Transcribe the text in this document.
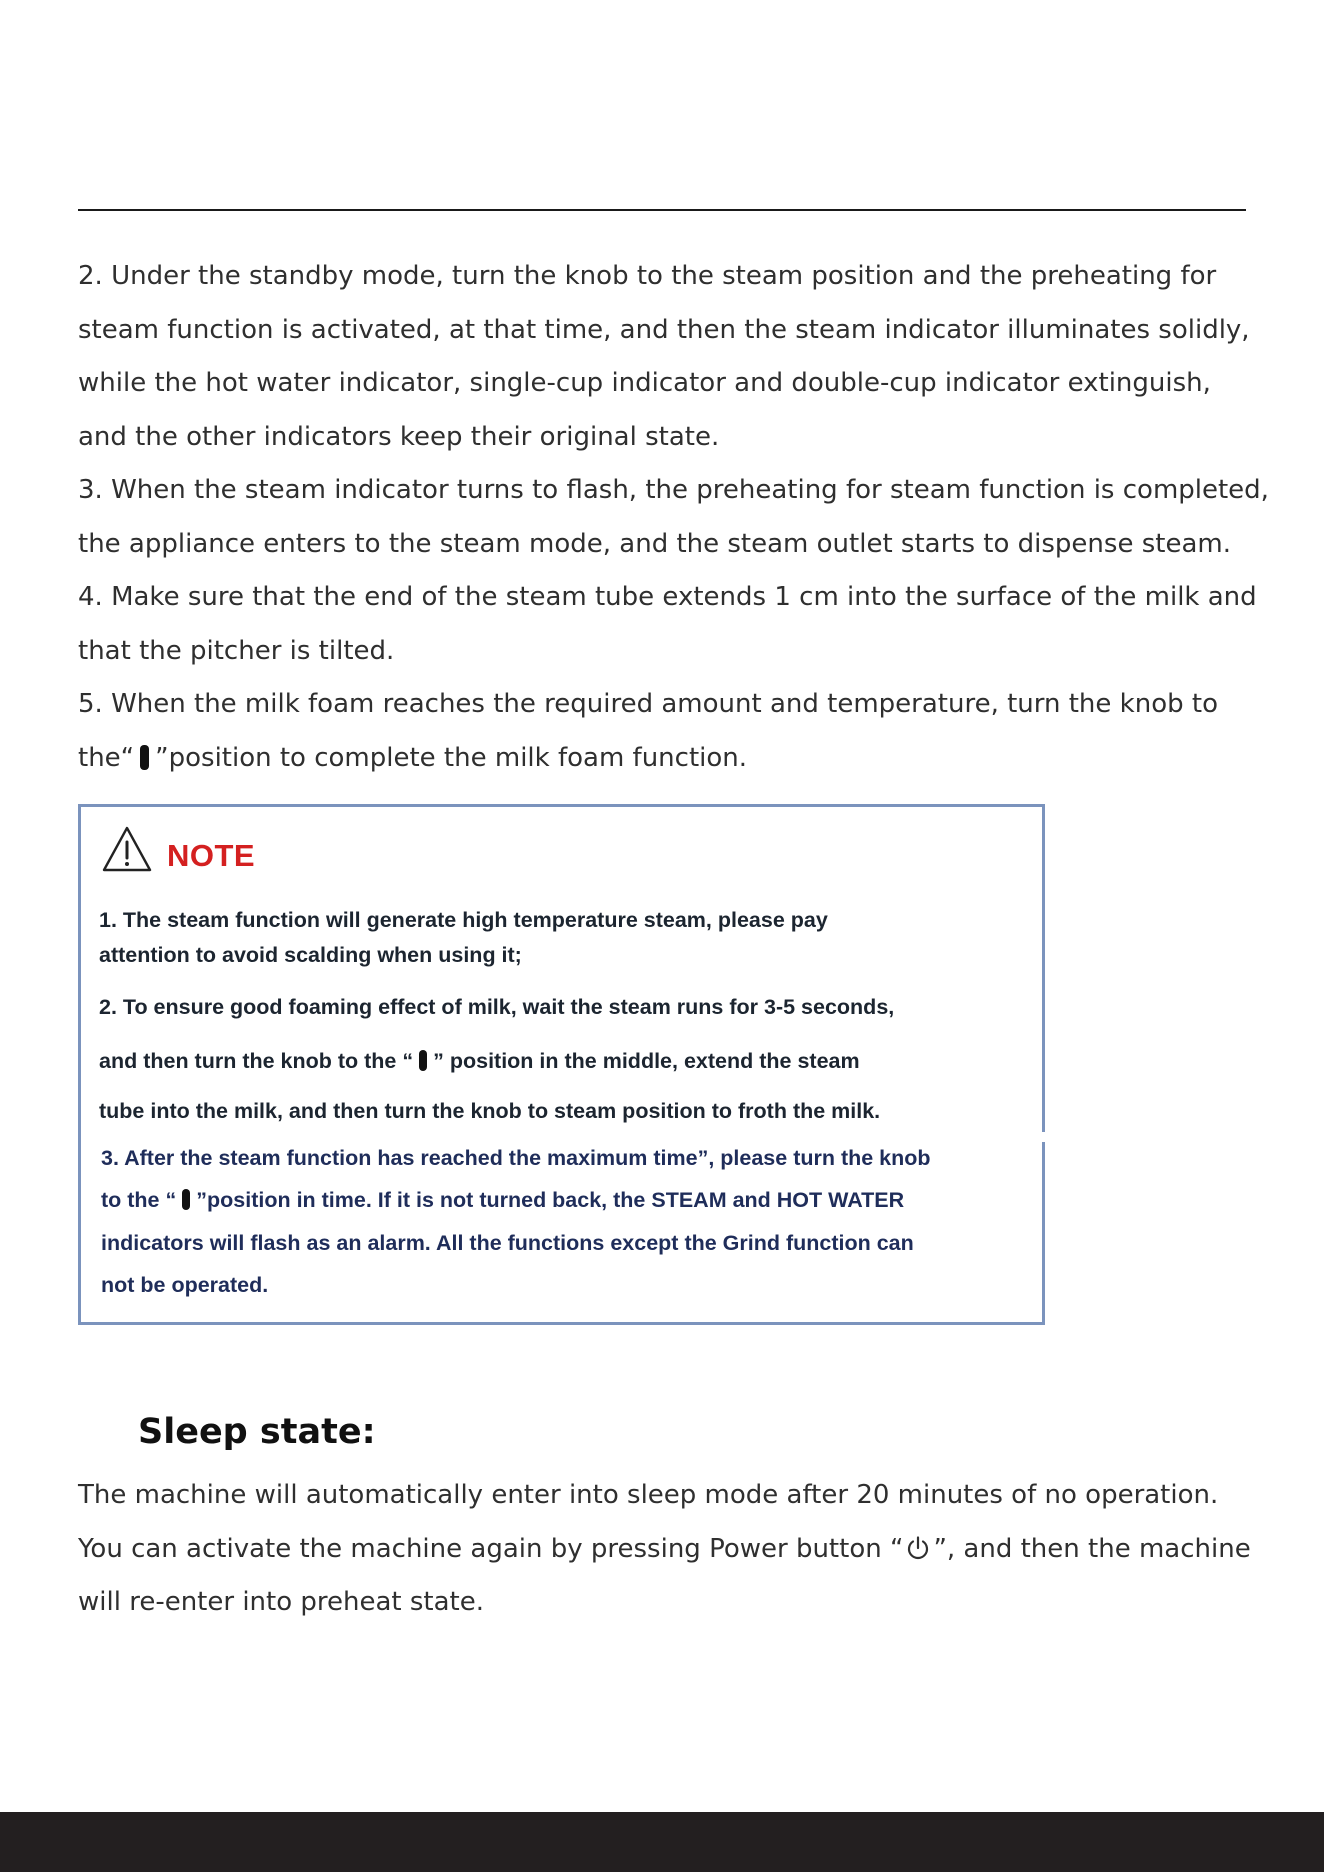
2. Under the standby mode, turn the knob to the steam position and the preheating for
steam function is activated, at that time, and then the steam indicator illuminates solidly,
while the hot water indicator, single-cup indicator and double-cup indicator extinguish,
and the other indicators keep their original state.
3. When the steam indicator turns to flash, the preheating for steam function is completed,
the appliance enters to the steam mode, and the steam outlet starts to dispense steam.
4. Make sure that the end of the steam tube extends 1 cm into the surface of the milk and
that the pitcher is tilted.
5. When the milk foam reaches the required amount and temperature, turn the knob to
the“ ”position to complete the milk foam function.
NOTE
1. The steam function will generate high temperature steam, please pay
attention to avoid scalding when using it;
2. To ensure good foaming effect of milk, wait the steam runs for 3-5 seconds,
and then turn the knob to the “ ” position in the middle, extend the steam
tube into the milk, and then turn the knob to steam position to froth the milk.
3. After the steam function has reached the maximum time”, please turn the knob
to the “ ”position in time. If it is not turned back, the STEAM and HOT WATER
indicators will flash as an alarm. All the functions except the Grind function can
not be operated.
Sleep state:
The machine will automatically enter into sleep mode after 20 minutes of no operation.
You can activate the machine again by pressing Power button “ ”, and then the machine
will re-enter into preheat state.
